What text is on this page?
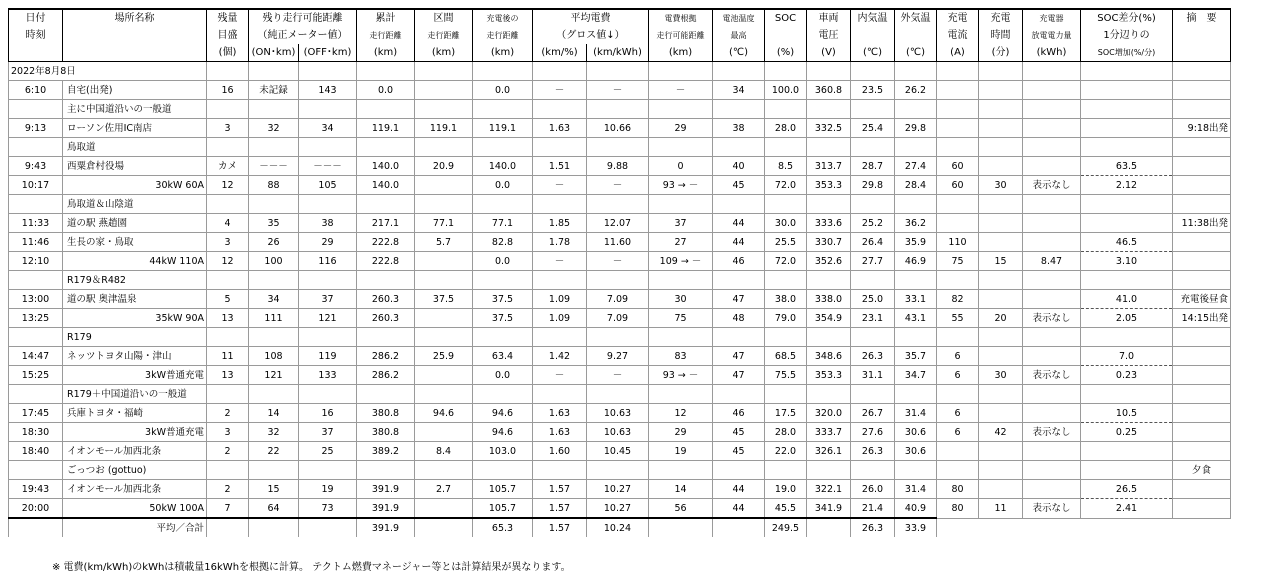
日付	場所名称	残量	残り走行可能距離		累計	区間	充電後の	平均電費		電費根拠	電池温度	SOC	車両	内気温	外気温	充電	充電	充電器	SOC差分(%)	摘　要
時刻		目盛	（純正メーター値）		走行距離	走行距離	走行距離	（グロス値↓）		走行可能距離	最高		電圧			電流	時間	放電電力量	1分辺りの	
		(個)	(ON･km)	(OFF･km)	(km)	(km)	(km)	(km/%)	(km/kWh)	(km)	(℃)	(%)	(V)	(℃)	(℃)	(A)	(分)	(kWh)	SOC増加(%/分)	
2022年8月8日																				
6:10	自宅(出発)	16	未記録	143	0.0		0.0	－	－	－	34	100.0	360.8	23.5	26.2					
	主に中国道沿いの一般道																			
9:13	ローソン佐用IC南店	3	32	34	119.1	119.1	119.1	1.63	10.66	29	38	28.0	332.5	25.4	29.8					9:18出発
	鳥取道																			
9:43	西粟倉村役場	カメ	－－－	－－－	140.0	20.9	140.0	1.51	9.88	0	40	8.5	313.7	28.7	27.4	60			63.5	
10:17	30kW 60A	12	88	105	140.0		0.0	－	－	93 → －	45	72.0	353.3	29.8	28.4	60	30	表示なし	2.12	
	鳥取道＆山陰道																			
11:33	道の駅 燕趙園	4	35	38	217.1	77.1	77.1	1.85	12.07	37	44	30.0	333.6	25.2	36.2					11:38出発
11:46	生長の家・鳥取	3	26	29	222.8	5.7	82.8	1.78	11.60	27	44	25.5	330.7	26.4	35.9	110			46.5	
12:10	44kW 110A	12	100	116	222.8		0.0	－	－	109 → －	46	72.0	352.6	27.7	46.9	75	15	8.47	3.10	
	R179＆R482																			
13:00	道の駅 奥津温泉	5	34	37	260.3	37.5	37.5	1.09	7.09	30	47	38.0	338.0	25.0	33.1	82			41.0	充電後昼食
13:25	35kW 90A	13	111	121	260.3		37.5	1.09	7.09	75	48	79.0	354.9	23.1	43.1	55	20	表示なし	2.05	14:15出発
	R179																			
14:47	ネッツトヨタ山陽・津山	11	108	119	286.2	25.9	63.4	1.42	9.27	83	47	68.5	348.6	26.3	35.7	6			7.0	
15:25	3kW普通充電	13	121	133	286.2		0.0	－	－	93 → －	47	75.5	353.3	31.1	34.7	6	30	表示なし	0.23	
	R179＋中国道沿いの一般道																			
17:45	兵庫トヨタ・福崎	2	14	16	380.8	94.6	94.6	1.63	10.63	12	46	17.5	320.0	26.7	31.4	6			10.5	
18:30	3kW普通充電	3	32	37	380.8		94.6	1.63	10.63	29	45	28.0	333.7	27.6	30.6	6	42	表示なし	0.25	
18:40	イオンモール加西北条	2	22	25	389.2	8.4	103.0	1.60	10.45	19	45	22.0	326.1	26.3	30.6					
	ごっつお (gottuo)																			夕食
19:43	イオンモール加西北条	2	15	19	391.9	2.7	105.7	1.57	10.27	14	44	19.0	322.1	26.0	31.4	80			26.5	
20:00	50kW 100A	7	64	73	391.9		105.7	1.57	10.27	56	44	45.5	341.9	21.4	40.9	80	11	表示なし	2.41	
	平均／合計				391.9		65.3	1.57	10.24			249.5		26.3	33.9					
※ 電費(km/kWh)のkWhは積載量16kWhを根拠に計算。 テクトム燃費マネージャー等とは計算結果が異なります。
